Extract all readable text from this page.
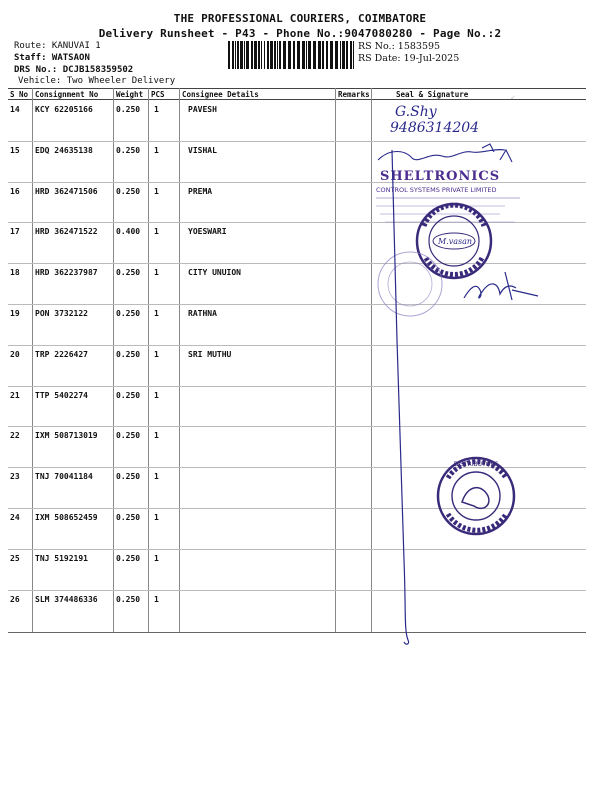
THE PROFESSIONAL COURIERS, COIMBATORE
Delivery Runsheet - P43 - Phone No.:9047080280 - Page No.:2
Route: KANUVAI 1
Staff: WATSAON
DRS No.: DCJB158359502
Vehicle: Two Wheeler Delivery
RS No.: 1583595
RS Date: 19-Jul-2025
S No Consignment No Weight PCS Consignee Details	Remarks	Seal & Signature
14 KCY 62205166	0.250 1	PAVESH
15 EDQ 24635138	0.250 1	VISHAL
16 HRD 362471506 0.250 1	PREMA
17 HRD 362471522 0.400 1	YOESWARI
18 HRD 362237987 0.250 1	CITY UNUION
19 PON 3732122	0.250 1	RATHNA
20 TRP 2226427	0.250 1	SRI MUTHU
21 TTP 5402274	0.250 1
22 IXM 508713019 0.250 1
23 TNJ 70041184	0.250 1
24 IXM 508652459 0.250 1
25 TNJ 5192191	0.250 1
26 SLM 374486336 0.250 1
G.Shy
9486314204
SHELTRONICS
CONTROL SYSTEMS PRIVATE LIMITED
M.vasan
DISTRIBUTORS
✓
